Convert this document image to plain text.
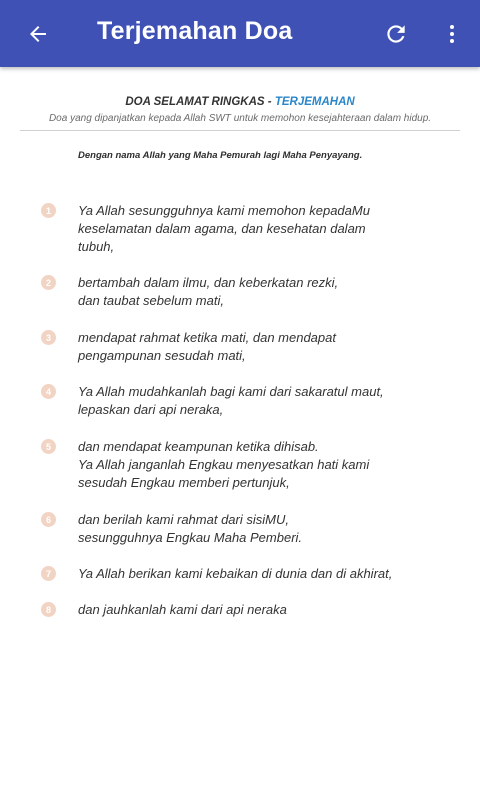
Terjemahan Doa
DOA SELAMAT RINGKAS - TERJEMAHAN
Doa yang dipanjatkan kepada Allah SWT untuk memohon kesejahteraan dalam hidup.
Dengan nama Allah yang Maha Pemurah lagi Maha Penyayang.
1	Ya Allah sesungguhnya kami memohon kepadaMu
keselamatan dalam agama, dan kesehatan dalam
tubuh,
2	bertambah dalam ilmu, dan keberkatan rezki,
dan taubat sebelum mati,
3	mendapat rahmat ketika mati, dan mendapat
pengampunan sesudah mati,
4	Ya Allah mudahkanlah bagi kami dari sakaratul maut,
lepaskan dari api neraka,
5	dan mendapat keampunan ketika dihisab.
Ya Allah janganlah Engkau menyesatkan hati kami
sesudah Engkau memberi pertunjuk,
6	dan berilah kami rahmat dari sisiMU,
sesungguhnya Engkau Maha Pemberi.
7	Ya Allah berikan kami kebaikan di dunia dan di akhirat,
8	dan jauhkanlah kami dari api neraka
